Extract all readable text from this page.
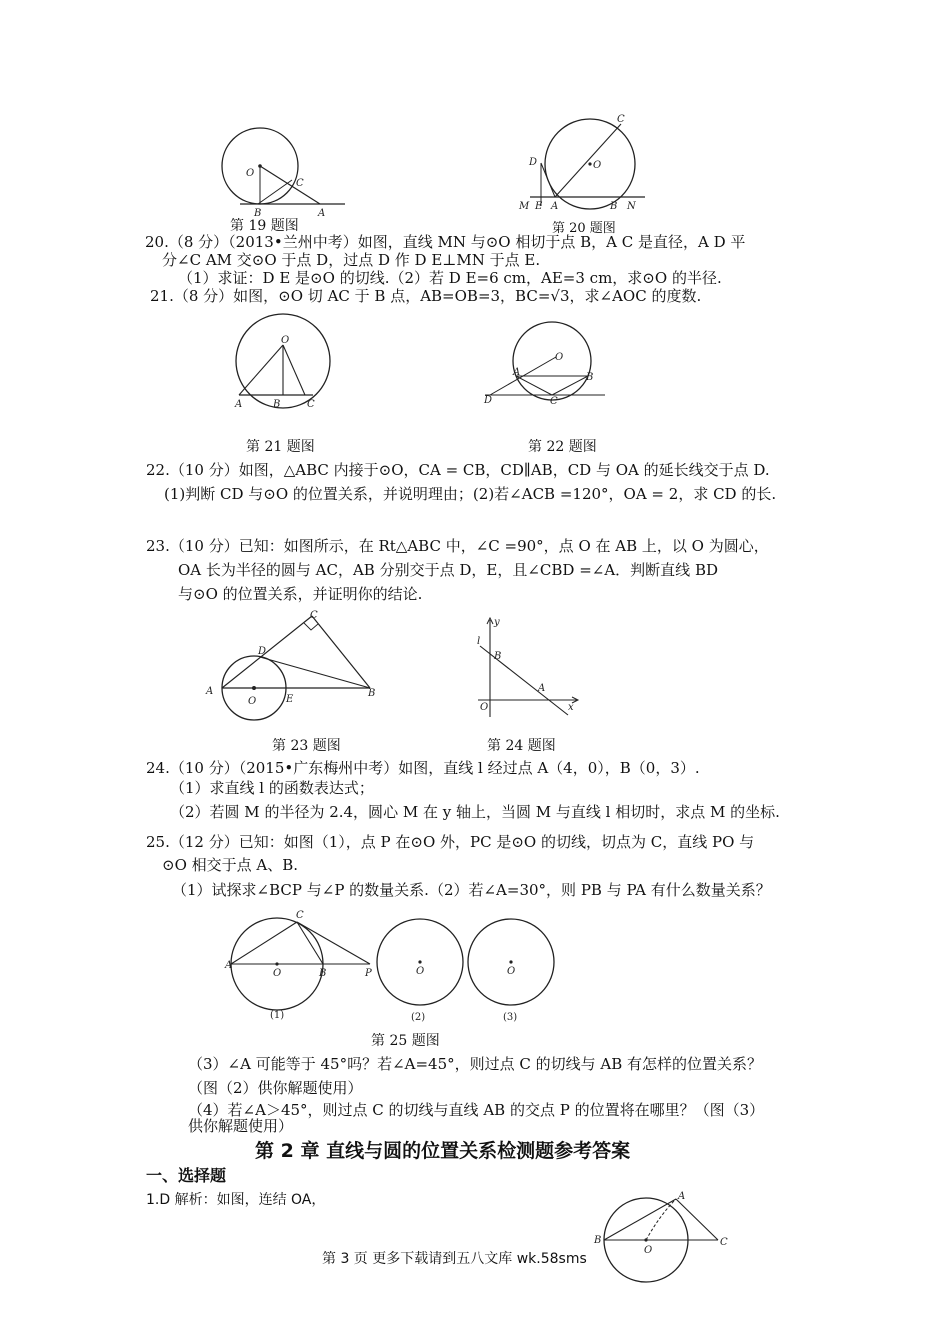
O
C
B	A
第 19 题图
C
O
D
M E A	B N
第 20 题图
20.（8 分）（2013•兰州中考）如图，直线 MN 与⊙O 相切于点 B，A C 是直径，A D 平
分∠C AM 交⊙O 于点 D，过点 D 作 D E⊥MN 于点 E.
（1）求证：D E 是⊙O 的切线.（2）若 D E=6 cm，AE=3 cm，求⊙O 的半径.
21.（8 分）如图，⊙O 切 AC 于 B 点，AB=OB=3，BC=√3，求∠AOC 的度数.
O
A	B	C
第 21 题图
O
A	B
D	C
第 22 题图
22.（10 分）如图，△ABC 内接于⊙O，CA = CB，CD∥AB，CD 与 OA 的延长线交于点 D.
(1)判断 CD 与⊙O 的位置关系，并说明理由；(2)若∠ACB =120°，OA = 2，求 CD 的长.
23.（10 分）已知：如图所示，在 Rt△ABC 中，∠C =90°，点 O 在 AB 上，以 O 为圆心，
OA 长为半径的圆与 AC，AB 分别交于点 D，E，且∠CBD =∠A．判断直线 BD
与⊙O 的位置关系，并证明你的结论.
C
D
A
O	E
B
第 23 题图
y
l
B
A
O	x
第 24 题图
24.（10 分）（2015•广东梅州中考）如图，直线 l 经过点 A（4，0），B（0，3）.
（1）求直线 l 的函数表达式；
（2）若圆 M 的半径为 2.4，圆心 M 在 y 轴上，当圆 M 与直线 l 相切时，求点 M 的坐标.
25.（12 分）已知：如图（1），点 P 在⊙O 外，PC 是⊙O 的切线，切点为 C，直线 PO 与
⊙O 相交于点 A、B.
（1）试探求∠BCP 与∠P 的数量关系.（2）若∠A=30°，则 PB 与 PA 有什么数量关系？
C
A
O	B	P
(1)
O
(2)
O
(3)
第 25 题图
（3）∠A 可能等于 45°吗？若∠A=45°，则过点 C 的切线与 AB 有怎样的位置关系？
（图（2）供你解题使用）
（4）若∠A＞45°，则过点 C 的切线与直线 AB 的交点 P 的位置将在哪里？（图（3）
供你解题使用）
第 2 章 直线与圆的位置关系检测题参考答案
一、选择题
1.D 解析：如图，连结 OA，	A
B
O
C
第 3 页 更多下载请到五八文库 wk.58sms
